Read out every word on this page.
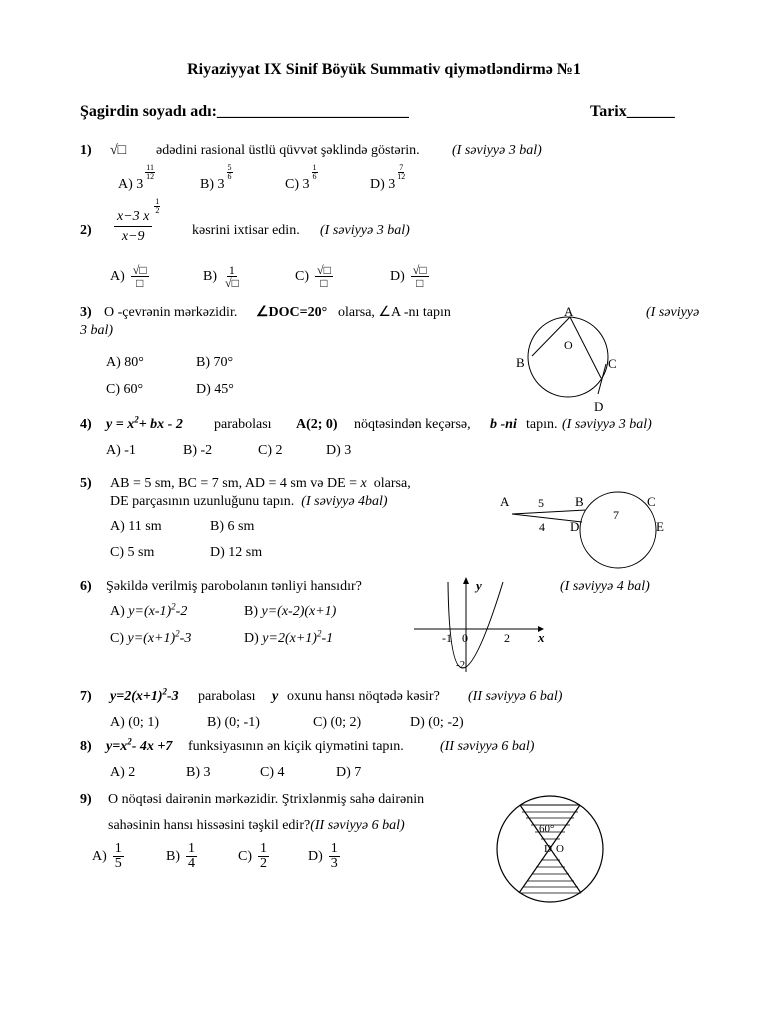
Riyaziyyat IX Sinif Böyük Summativ qiymətləndirmə №1
Şagirdin soyadı adı:________________________	Tarix______
1) √□ ədədini rasional üstlü qüvvət şəklində göstərin. (I səviyyə 3 bal)
A) 3
11
12
B) 3
5
6
C) 3
1
6
D) 3
7
12
2)
x−3 x
1
2
x−9	kəsrini ixtisar edin. (I səviyyə 3 bal)
$A) \frac{√□}{□}$	$B) \frac{1}{√□}$	$C) \frac{√□}{□}$	$D) \frac{√□}{□}$
3) O -çevrənin mərkəzidir. ∠DOC=20° olarsa, ∠A -nı tapın	(I səviyyə
3 bal)
A) 80°	B) 70°
C) 60°	D) 45°
A
O
B	C
D
4) $y = x^2+$ bx - 2 parabolası A(2; 0) nöqtəsindən keçərsə, b -ni tapın. (I səviyyə 3 bal)
A) -1	B) -2	C) 2	D) 3
5) AB = 5 sm, BC = 7 sm, AD = 4 sm və DE = x olarsa,
DE parçasının uzunluğunu tapın. (I səviyyə 4bal)
A) 11 sm	B) 6 sm
C) 5 sm	D) 12 sm
A 5 B	C
4 D
7
E
6) Şəkildə verilmiş parobolanın tənliyi hansıdır?	(I səviyyə 4 bal)
A) $y=(x-1)^2-2$	B) y=(x-2)(x+1)
C) $y=(x+1)^2-3$	D) $y=2(x+1)^2-1$
y
x
-1 0	2
-2
7) $y=2(x+1)^2-3$ parabolası y oxunu hansı nöqtədə kəsir? (II səviyyə 6 bal)
A) (0; 1)	B) (0; -1)	C) (0; 2)	D) (0; -2)
8) $y=x^2-$ 4x +7 funksiyasının ən kiçik qiymətini tapın.	(II səviyyə 6 bal)
A) 2	B) 3	C) 4	D) 7
9) O nöqtəsi dairənin mərkəzidir. Ştrixlənmiş sahə dairənin
sahəsinin hansı hissəsini təşkil edir?(II səviyyə 6 bal)
$A) \frac{1}{5}$	$B) \frac{1}{4}$	$C) \frac{1}{2}$	$D) \frac{1}{3}$
60°
D O
